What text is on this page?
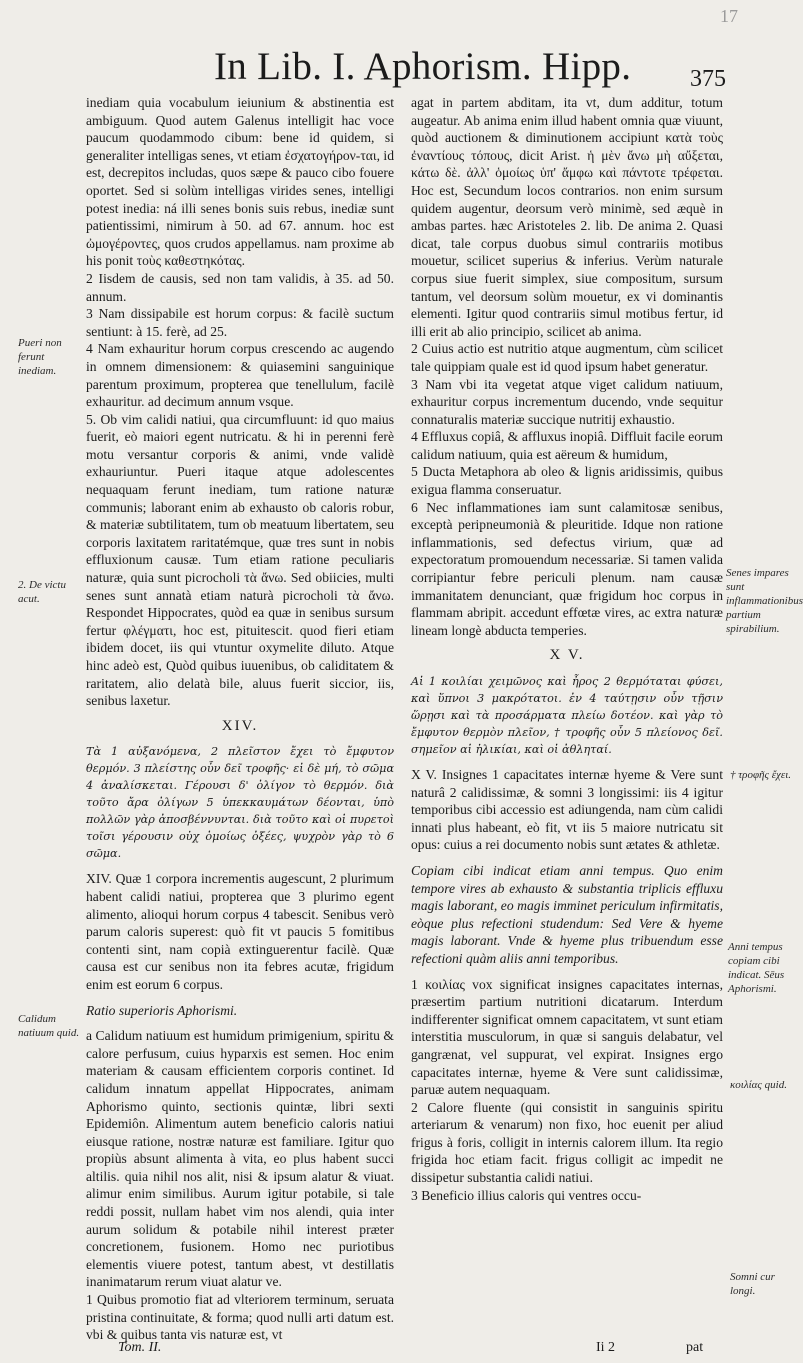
17
In Lib. I. Aphorism. Hipp. 375

inediam quia vocabulum ieiunium & abstinentia est ambiguum. Quod autem Galenus intelligit hac voce paucum quodammodo cibum: bene id quidem, si generaliter intelligas senes, vt etiam ἐσχατογήρον-ται, id est, decrepitos includas, quos sæpe & pauco cibo fouere oportet. Sed si solùm intelligas virides senes, intelligi potest inedia: ná illi senes bonis suis rebus, inediæ sunt patientissimi, nimirum à 50. ad 67. annum. hoc est ὠμογέροντες, quos crudos appellamus. nam proxime ab his ponit τοὺς καθεστηκότας.

2 Iisdem de causis, sed non tam validis, à 35. ad 50. annum.

3 Nam dissipabile est horum corpus: & facilè suctum sentiunt: à 15. ferè, ad 25.

4 Nam exhauritur horum corpus crescendo ac augendo in omnem dimensionem: & quiasemini sanguinique parentum proximum, propterea que tenellulum, facilè exhauritur. ad decimum annum vsque.

5. Ob vim calidi natiui, qua circumfluunt: id quo maius fuerit, eò maiori egent nutricatu. & hi in perenni ferè motu versantur corporis & animi, vnde validè exhauriuntur. Pueri itaque atque adolescentes nequaquam ferunt inediam, tum ratione naturæ communis; laborant enim ab exhausto ob caloris robur, & materiæ subtilitatem, tum ob meatuum libertatem, seu corporis laxitatem raritatémque, quæ tres sunt in nobis effluxionum causæ. Tum etiam ratione peculiaris naturæ, quia sunt picrocholi τὰ ἄνω. Sed obiicies, multi senes sunt annatà etiam naturà picrocholi τὰ ἄνω. Respondet Hippocrates, quòd ea quæ in senibus sursum fertur φλέγματι, hoc est, pituitescit. quod fieri etiam ibidem docet, iis qui vtuntur oxymelite diluto. Atque hinc adeò est, Quòd quibus iuuenibus, ob caliditatem & raritatem, alio delatà bile, aluus fuerit siccior, iis, senibus laxetur.

XIV.

Τὰ 1 αὐξανόμενα, 2 πλεῖστον ἔχει τὸ ἔμφυτον θερμόν. 3 πλείστης οὖν δεῖ τροφῆς· εἰ δὲ μή, τὸ σῶμα 4 ἀναλίσκεται. Γέρουσι δ' ὀλίγον τὸ θερμόν. διὰ τοῦτο ἄρα ὀλίγων 5 ὑπεκκαυμάτων δέονται, ὑπὸ πολλῶν γὰρ ἀποσβέννυνται. διὰ τοῦτο καὶ οἱ πυρετοὶ τοῖσι γέρουσιν οὐχ ὁμοίως ὀξέες, ψυχρὸν γὰρ τὸ 6 σῶμα.

XIV. Quæ 1 corpora incrementis augescunt, 2 plurimum habent calidi natiui, propterea que 3 plurimo egent alimento, alioqui horum corpus 4 tabescit. Senibus verò parum caloris superest: quò fit vt paucis 5 fomitibus contenti sint, nam copià extinguerentur facilè. Quæ causa est cur senibus non ita febres acutæ, frigidum enim est eorum 6 corpus.

Ratio superioris Aphorismi.

a Calidum natiuum est humidum primigenium, spiritu & calore perfusum, cuius hyparxis est semen. Hoc enim materiam & causam efficientem corporis continet. Id calidum innatum appellat Hippocrates, animam Aphorismo quinto, sectionis quintæ, libri sexti Epidemiôn. Alimentum autem beneficio caloris natiui eiusque ratione, nostræ naturæ est familiare. Igitur quo propiùs absunt alimenta à vita, eo plus habent succi altilis. quia nihil nos alit, nisi & ipsum alatur & viuat. alimur enim similibus. Aurum igitur potabile, si tale reddi possit, nullam habet vim nos alendi, quia inter aurum solidum & potabile nihil interest præter concretionem, fusionem. Homo nec puriotibus elementis viuere potest, tantum abest, vt destillatis inanimatarum rerum viuat alatur ve.

1 Quibus promotio fiat ad vlteriorem terminum, seruata pristina continuitate, & forma; quod nulli arti datum est. vbi & quibus tanta vis naturæ est, vt

agat in partem abditam, ita vt, dum additur, totum augeatur. Ab anima enim illud habent omnia quæ viuunt, quòd auctionem & diminutionem accipiunt κατὰ τοὺς ἐναντίους τόπους, dicit Arist. ἡ μὲν ἄνω μὴ αὔξεται, κάτω δὲ. ἀλλ' ὁμοίως ὑπ' ἄμφω καὶ πάντοτε τρέφεται. Hoc est, Secundum locos contrarios. non enim sursum quidem augentur, deorsum verò minimè, sed æquè in ambas partes. hæc Aristoteles 2. lib. De anima 2. Quasi dicat, tale corpus duobus simul contrariis motibus mouetur, scilicet superius & inferius. Verùm naturale corpus siue fuerit simplex, siue compositum, sursum tantum, vel deorsum solùm mouetur, ex vi dominantis elementi. Igitur quod contrariis simul motibus fertur, id illi erit ab alio principio, scilicet ab anima.

2 Cuius actio est nutritio atque augmentum, cùm scilicet tale quippiam quale est id quod ipsum habet generatur.

3 Nam vbi ita vegetat atque viget calidum natiuum, exhauritur corpus incrementum ducendo, vnde sequitur connaturalis materiæ succique nutritij exhaustio.

4 Effluxus copiâ, & affluxus inopiâ. Diffluit facile eorum calidum natiuum, quia est aëreum & humidum,

5 Ducta Metaphora ab oleo & lignis aridissimis, quibus exigua flamma conseruatur.

6 Nec inflammationes iam sunt calamitosæ senibus, exceptà peripneumonià & pleuritide. Idque non ratione inflammationis, sed defectus virium, quæ ad expectoratum promouendum necessariæ. Si tamen valida corripiantur febre periculi plenum. nam causæ immanitatem denunciant, quæ frigidum hoc corpus in flammam abripit. accedunt effœtæ vires, ac extra naturæ lineam longè abducta temperies.

X V.

Αἱ 1 κοιλίαι χειμῶνος καὶ ἦρος 2 θερμόταται φύσει, καὶ ὕπνοι 3 μακρότατοι. ἐν 4 ταύτῃσιν οὖν τῇσιν ὥρῃσι καὶ τὰ προσάρματα πλείω δοτέον. καὶ γὰρ τὸ ἔμφυτον θερμὸν πλεῖον, † τροφῆς οὖν 5 πλείονος δεῖ. σημεῖον αἱ ἡλικίαι, καὶ οἱ ἀθληταί.

X V. Insignes 1 capacitates internæ hyeme & Vere sunt naturâ 2 calidissimæ, & somni 3 longissimi: iis 4 igitur temporibus cibi accessio est adiungenda, nam cùm calidi innati plus habeant, eò fit, vt iis 5 maiore nutricatu sit opus: cuius a rei documento nobis sunt ætates & athletæ.

Copiam cibi indicat etiam anni tempus. Quo enim tempore vires ab exhausto & substantia triplicis effluxu magis laborant, eo magis imminet periculum infirmitatis, eòque plus refectioni studendum: Sed Vere & hyeme magis laborant. Vnde & hyeme plus tribuendum esse refectioni quàm aliis anni temporibus.

1 κοιλίας vox significat insignes capacitates internas, præsertim partium nutritioni dicatarum. Interdum indifferenter significat omnem capacitatem, vt sunt etiam interstitia musculorum, in quæ si sanguis delabatur, vel gangrænat, vel suppurat, vel expirat. Insignes ergo capacitates internæ, hyeme & Vere sunt calidissimæ, paruæ autem nequaquam.

2 Calore fluente (qui consistit in sanguinis spiritu arteriarum & venarum) non fixo, hoc euenit per aliud frigus à foris, colligit in internis calorem illum. Ita regio frigida hoc etiam facit. frigus colligit ac impedit ne dissipetur substantia calidi natiui.

3 Beneficio illius caloris qui ventres occu-

Pueri non ferunt inediam.
2. De victu acut.
Senes impares sunt inflammationibus partium spirabilium.
† τροφῆς ἔχει.
Calidum natiuum quid.
Anni tempus copiam cibi indicat. Sēus Aphorismi.
κοιλίας quid.
Somni cur longi.
Tom. II.	Ii 2	pat
